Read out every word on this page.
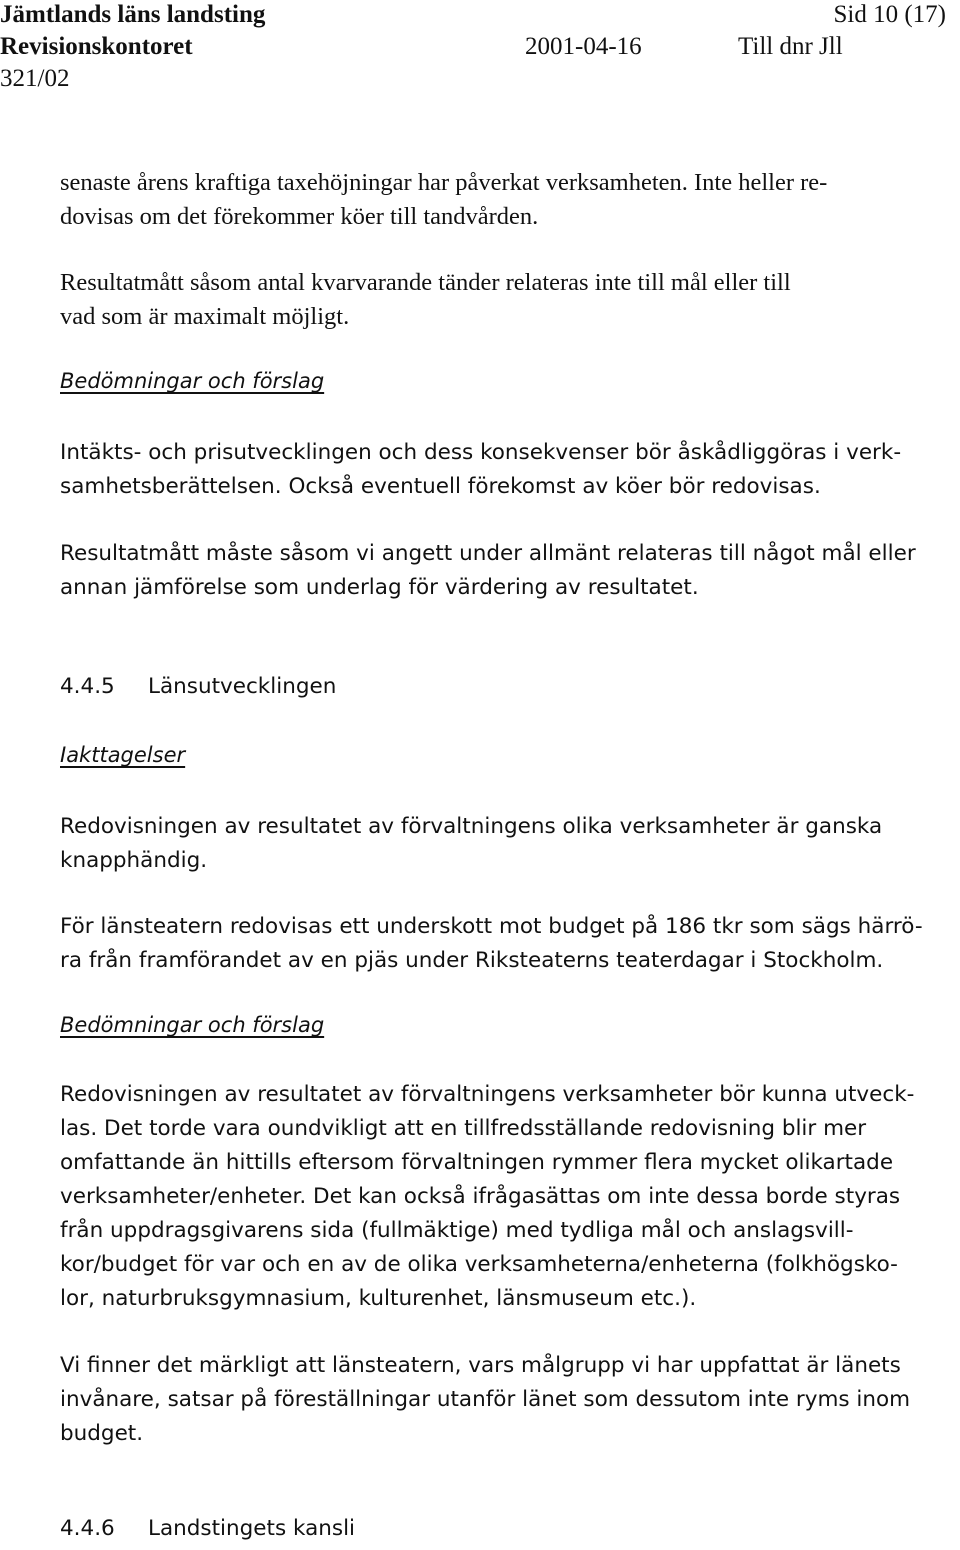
Jämtlands läns landsting	Sid 10 (17)
Revisionskontoret	2001-04-16	Till dnr Jll
321/02
senaste årens kraftiga taxehöjningar har påverkat verksamheten. Inte heller re-
dovisas om det förekommer köer till tandvården.
Resultatmått såsom antal kvarvarande tänder relateras inte till mål eller till
vad som är maximalt möjligt.
Bedömningar och förslag
Intäkts- och prisutvecklingen och dess konsekvenser bör åskådliggöras i verk-
samhetsberättelsen. Också eventuell förekomst av köer bör redovisas.
Resultatmått måste såsom vi angett under allmänt relateras till något mål eller
annan jämförelse som underlag för värdering av resultatet.
4.4.5 Länsutvecklingen
Iakttagelser
Redovisningen av resultatet av förvaltningens olika verksamheter är ganska
knapphändig.
För länsteatern redovisas ett underskott mot budget på 186 tkr som sägs härrö-
ra från framförandet av en pjäs under Riksteaterns teaterdagar i Stockholm.
Bedömningar och förslag
Redovisningen av resultatet av förvaltningens verksamheter bör kunna utveck-
las. Det torde vara oundvikligt att en tillfredsställande redovisning blir mer
omfattande än hittills eftersom förvaltningen rymmer flera mycket olikartade
verksamheter/enheter. Det kan också ifrågasättas om inte dessa borde styras
från uppdragsgivarens sida (fullmäktige) med tydliga mål och anslagsvill-
kor/budget för var och en av de olika verksamheterna/enheterna (folkhögsko-
lor, naturbruksgymnasium, kulturenhet, länsmuseum etc.).
Vi finner det märkligt att länsteatern, vars målgrupp vi har uppfattat är länets
invånare, satsar på föreställningar utanför länet som dessutom inte ryms inom
budget.
4.4.6 Landstingets kansli
